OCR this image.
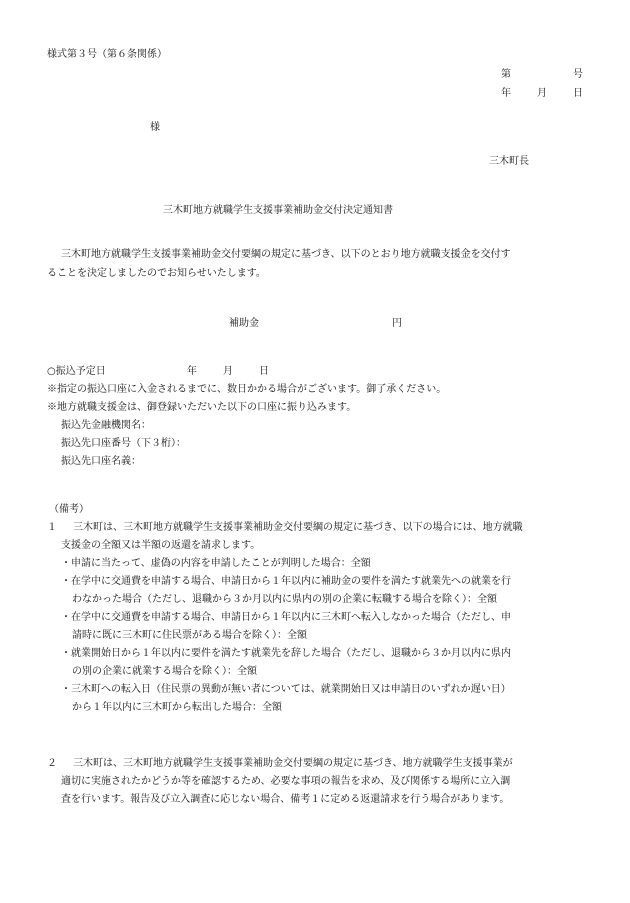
様式第３号（第６条関係）
第	号
年	月	日
様
三木町長
三木町地方就職学生支援事業補助金交付決定通知書
三木町地方就職学生支援事業補助金交付要綱の規定に基づき、以下のとおり地方就職支援金を交付す
ることを決定しましたのでお知らせいたします。
補助金	円
○振込予定日	年	月	日
※指定の振込口座に入金されるまでに、数日かかる場合がございます。御了承ください。
※地方就職支援金は、御登録いただいた以下の口座に振り込みます。
振込先金融機関名：
振込先口座番号（下３桁）：
振込先口座名義：
（備考）
１ 三木町は、三木町地方就職学生支援事業補助金交付要綱の規定に基づき、以下の場合には、地方就職
支援金の全額又は半額の返還を請求します。
・申請に当たって、虚偽の内容を申請したことが判明した場合：全額
・在学中に交通費を申請する場合、申請日から１年以内に補助金の要件を満たす就業先への就業を行
わなかった場合（ただし、退職から３か月以内に県内の別の企業に転職する場合を除く）：全額
・在学中に交通費を申請する場合、申請日から１年以内に三木町へ転入しなかった場合（ただし、申
請時に既に三木町に住民票がある場合を除く）：全額
・就業開始日から１年以内に要件を満たす就業先を辞した場合（ただし、退職から３か月以内に県内
の別の企業に就業する場合を除く）：全額
・三木町への転入日（住民票の異動が無い者については、就業開始日又は申請日のいずれか遅い日）
から１年以内に三木町から転出した場合：全額
２ 三木町は、三木町地方就職学生支援事業補助金交付要綱の規定に基づき、地方就職学生支援事業が
適切に実施されたかどうか等を確認するため、必要な事項の報告を求め、及び関係する場所に立入調
査を行います。報告及び立入調査に応じない場合、備考１に定める返還請求を行う場合があります。
